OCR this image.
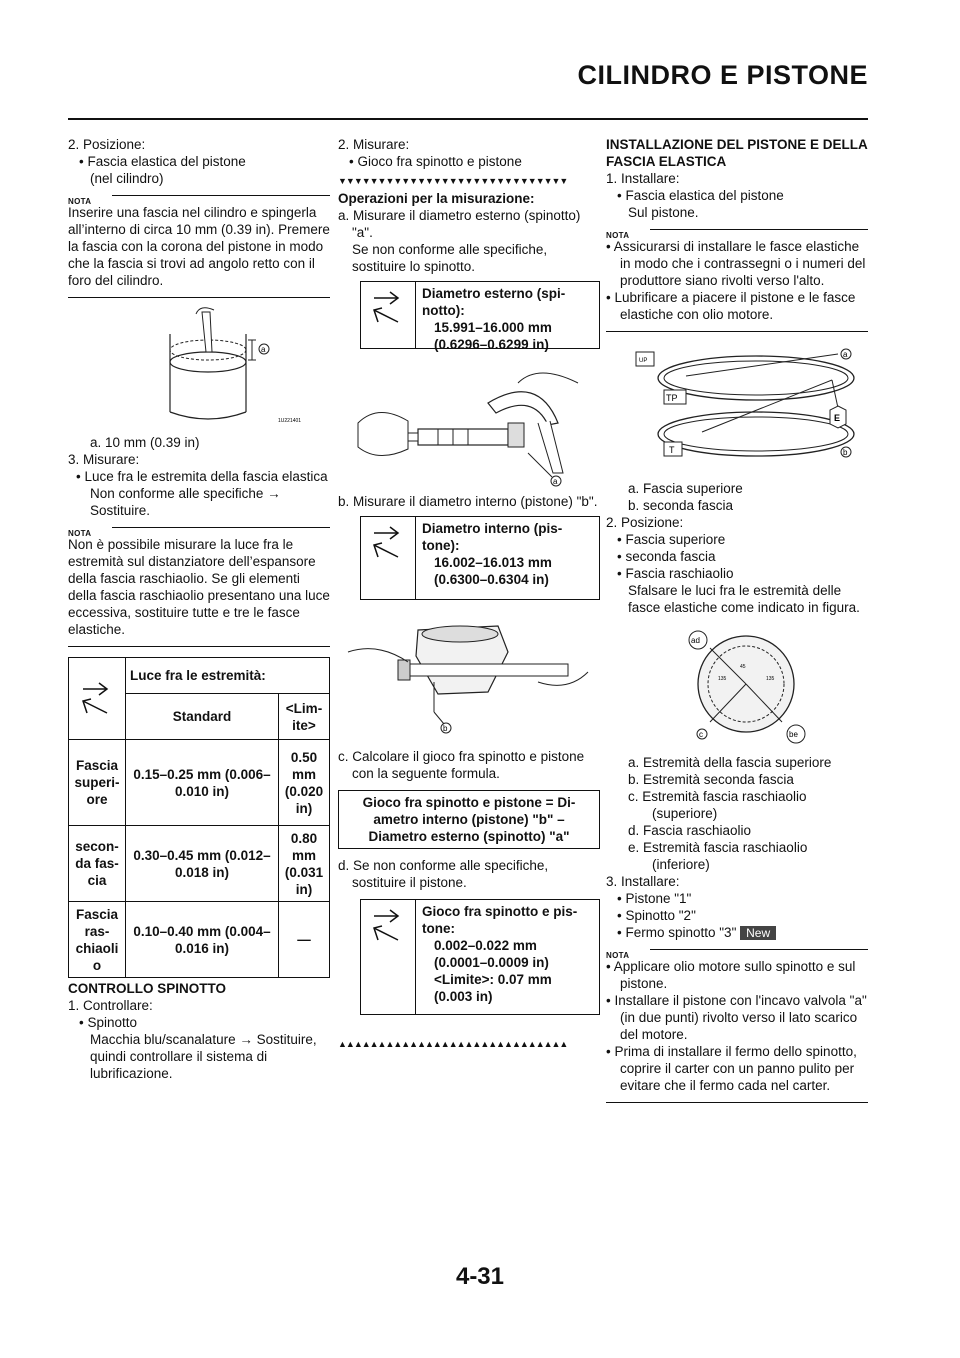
CILINDRO E PISTONE

2. Posizione:

• Fascia elastica del pistone

(nel cilindro)

NOTA
Inserire una fascia nel cilindro e spingerla all’interno di circa 10 mm (0.39 in). Premere la fascia con la corona del pistone in modo che la fascia si trovi ad angolo retto con il foro del cilindro.
a
1U221401

a. 10 mm (0.39 in)

3. Misurare:

• Luce fra le estremita della fascia elastica

Non conforme alle specifiche → Sostituire.

NOTA
Non è possibile misurare la luce fra le estremità sul distanziatore dell’espansore della fascia raschiaolio. Se gli elementi della fascia raschiaolio presentano una luce eccessiva, sostituire tutte e tre le fasce elastiche.
	Luce fra le estremità:	
	Standard	<Limite>
Fascia superiore	0.15–0.25 mm (0.006–0.010 in)	0.50 mm (0.020 in)
seconda fascia	0.30–0.45 mm (0.012–0.018 in)	0.80 mm (0.031 in)
Fascia raschiaoli o	0.10–0.40 mm (0.004–0.016 in)	—

CONTROLLO SPINOTTO

1. Controllare:

• Spinotto

Macchia blu/scanalature → Sostituire, quindi controllare il sistema di lubrificazione.

2. Misurare:

• Gioco fra spinotto e pistone

▼▼▼▼▼▼▼▼▼▼▼▼▼▼▼▼▼▼▼▼▼▼▼▼▼▼▼▼▼

Operazioni per la misurazione:

a. Misurare il diametro esterno (spinotto) "a".

Se non conforme alle specifiche, sostituire lo spinotto.

Diametro esterno (spinotto):
15.991–16.000 mm
(0.6296–0.6299 in)
a

b. Misurare il diametro interno (pistone) "b".

Diametro interno (pistone):
16.002–16.013 mm
(0.6300–0.6304 in)
b

c. Calcolare il gioco fra spinotto e pistone con la seguente formula.

Gioco fra spinotto e pistone = Diametro interno (pistone) "b" – Diametro esterno (spinotto) "a"

d. Se non conforme alle specifiche, sostituire il pistone.

Gioco fra spinotto e pistone:
0.002–0.022 mm
(0.0001–0.0009 in)
<Limite>: 0.07 mm
(0.003 in)
▲▲▲▲▲▲▲▲▲▲▲▲▲▲▲▲▲▲▲▲▲▲▲▲▲▲▲▲▲

INSTALLAZIONE DEL PISTONE E DELLA FASCIA ELASTICA

1. Installare:

• Fascia elastica del pistone

Sul pistone.

NOTA
• Assicurarsi di installare le fasce elastiche in modo che i contrassegni o i numeri del produttore siano rivolti verso l'alto.
• Lubrificare a piacere il pistone e le fasce elastiche con olio motore.
UP
TP
T
a
b
E

a. Fascia superiore

b. seconda fascia

2. Posizione:

• Fascia superiore

• seconda fascia

• Fascia raschiaolio

Sfalsare le luci fra le estremità delle fasce elastiche come indicato in figura.

135	135
45
ad
c	be
a. Estremità della fascia superiore
b. Estremità seconda fascia
c. Estremità fascia raschiaolio (superiore)
d. Fascia raschiaolio
e. Estremità fascia raschiaolio (inferiore)

3. Installare:

• Pistone "1"

• Spinotto "2"

• Fermo spinotto "3" New

NOTA
• Applicare olio motore sullo spinotto e sul pistone.
• Installare il pistone con l'incavo valvola "a" (in due punti) rivolto verso il lato scarico del motore.
• Prima di installare il fermo dello spinotto, coprire il carter con un panno pulito per evitare che il fermo cada nel carter.
4-31
